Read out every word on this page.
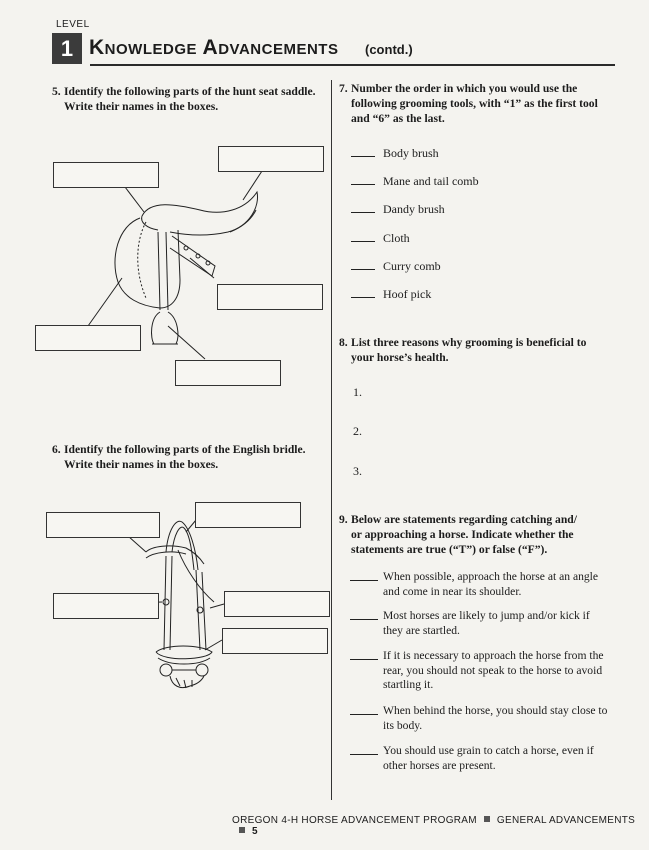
LEVEL
1 Knowledge Advancements (contd.)
5. Identify the following parts of the hunt seat saddle.
Write their names in the boxes.
6. Identify the following parts of the English bridle.
Write their names in the boxes.
7. Number the order in which you would use the
following grooming tools, with “1” as the first tool
and “6” as the last.
Body brush
Mane and tail comb
Dandy brush
Cloth
Curry comb
Hoof pick
8. List three reasons why grooming is beneficial to
your horse’s health.
1.
2.
3.
9. Below are statements regarding catching and/
or approaching a horse. Indicate whether the
statements are true (“T”) or false (“F”).
When possible, approach the horse at an angle and come in near its shoulder.
Most horses are likely to jump and/or kick if they are startled.
If it is necessary to approach the horse from the rear, you should not speak to the horse to avoid startling it.
When behind the horse, you should stay close to its body.
You should use grain to catch a horse, even if other horses are present.
OREGON 4-H HORSE ADVANCEMENT PROGRAM GENERAL ADVANCEMENTS5
